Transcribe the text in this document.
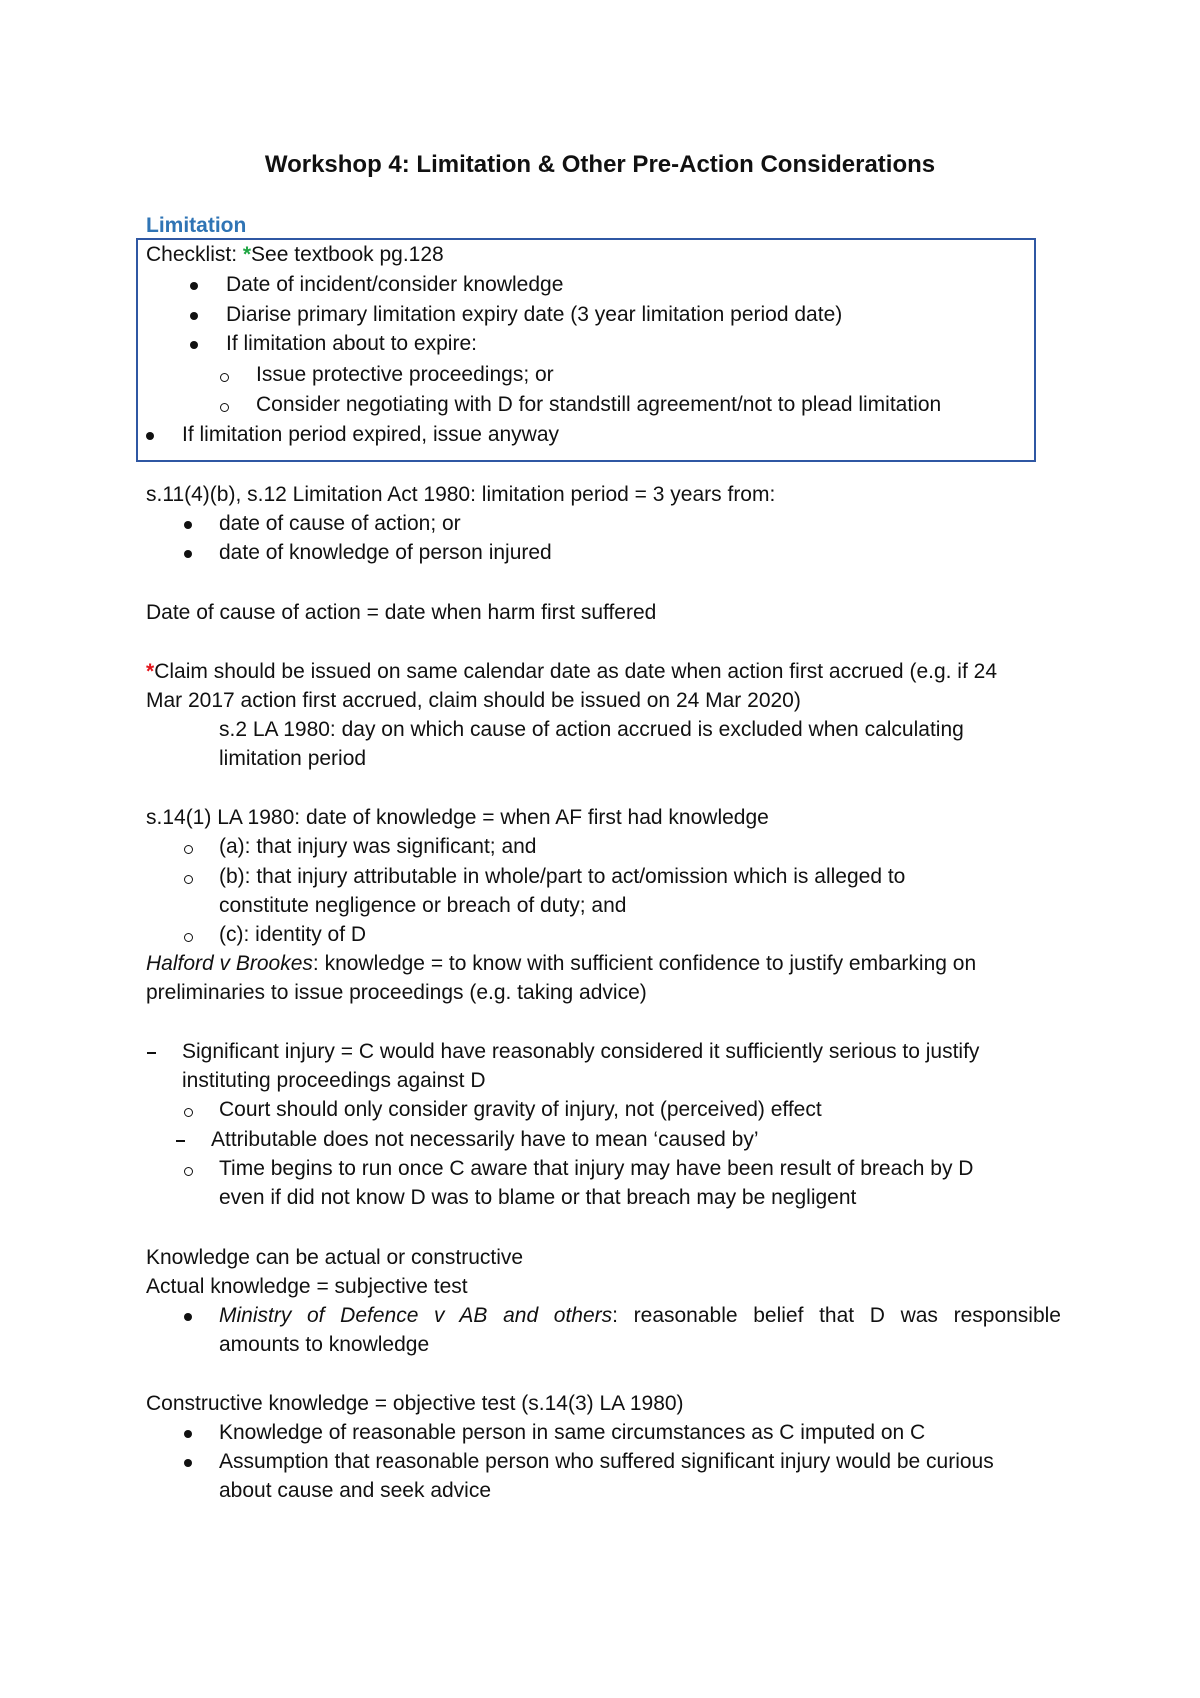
Workshop 4: Limitation & Other Pre-Action Considerations
Limitation
Checklist: *See textbook pg.128
Date of incident/consider knowledge
Diarise primary limitation expiry date (3 year limitation period date)
If limitation about to expire:
Issue protective proceedings; or
Consider negotiating with D for standstill agreement/not to plead limitation
If limitation period expired, issue anyway
s.11(4)(b), s.12 Limitation Act 1980: limitation period = 3 years from:
date of cause of action; or
date of knowledge of person injured
Date of cause of action = date when harm first suffered
*Claim should be issued on same calendar date as date when action first accrued (e.g. if 24
Mar 2017 action first accrued, claim should be issued on 24 Mar 2020)
s.2 LA 1980: day on which cause of action accrued is excluded when calculating
limitation period
s.14(1) LA 1980: date of knowledge = when AF first had knowledge
(a): that injury was significant; and
(b): that injury attributable in whole/part to act/omission which is alleged to
constitute negligence or breach of duty; and
(c): identity of D
Halford v Brookes: knowledge = to know with sufficient confidence to justify embarking on
preliminaries to issue proceedings (e.g. taking advice)
Significant injury = C would have reasonably considered it sufficiently serious to justify
instituting proceedings against D
Court should only consider gravity of injury, not (perceived) effect
Attributable does not necessarily have to mean ‘caused by’
Time begins to run once C aware that injury may have been result of breach by D
even if did not know D was to blame or that breach may be negligent
Knowledge can be actual or constructive
Actual knowledge = subjective test
Ministry of Defence v AB and others: reasonable belief that D was responsible
amounts to knowledge
Constructive knowledge = objective test (s.14(3) LA 1980)
Knowledge of reasonable person in same circumstances as C imputed on C
Assumption that reasonable person who suffered significant injury would be curious
about cause and seek advice
